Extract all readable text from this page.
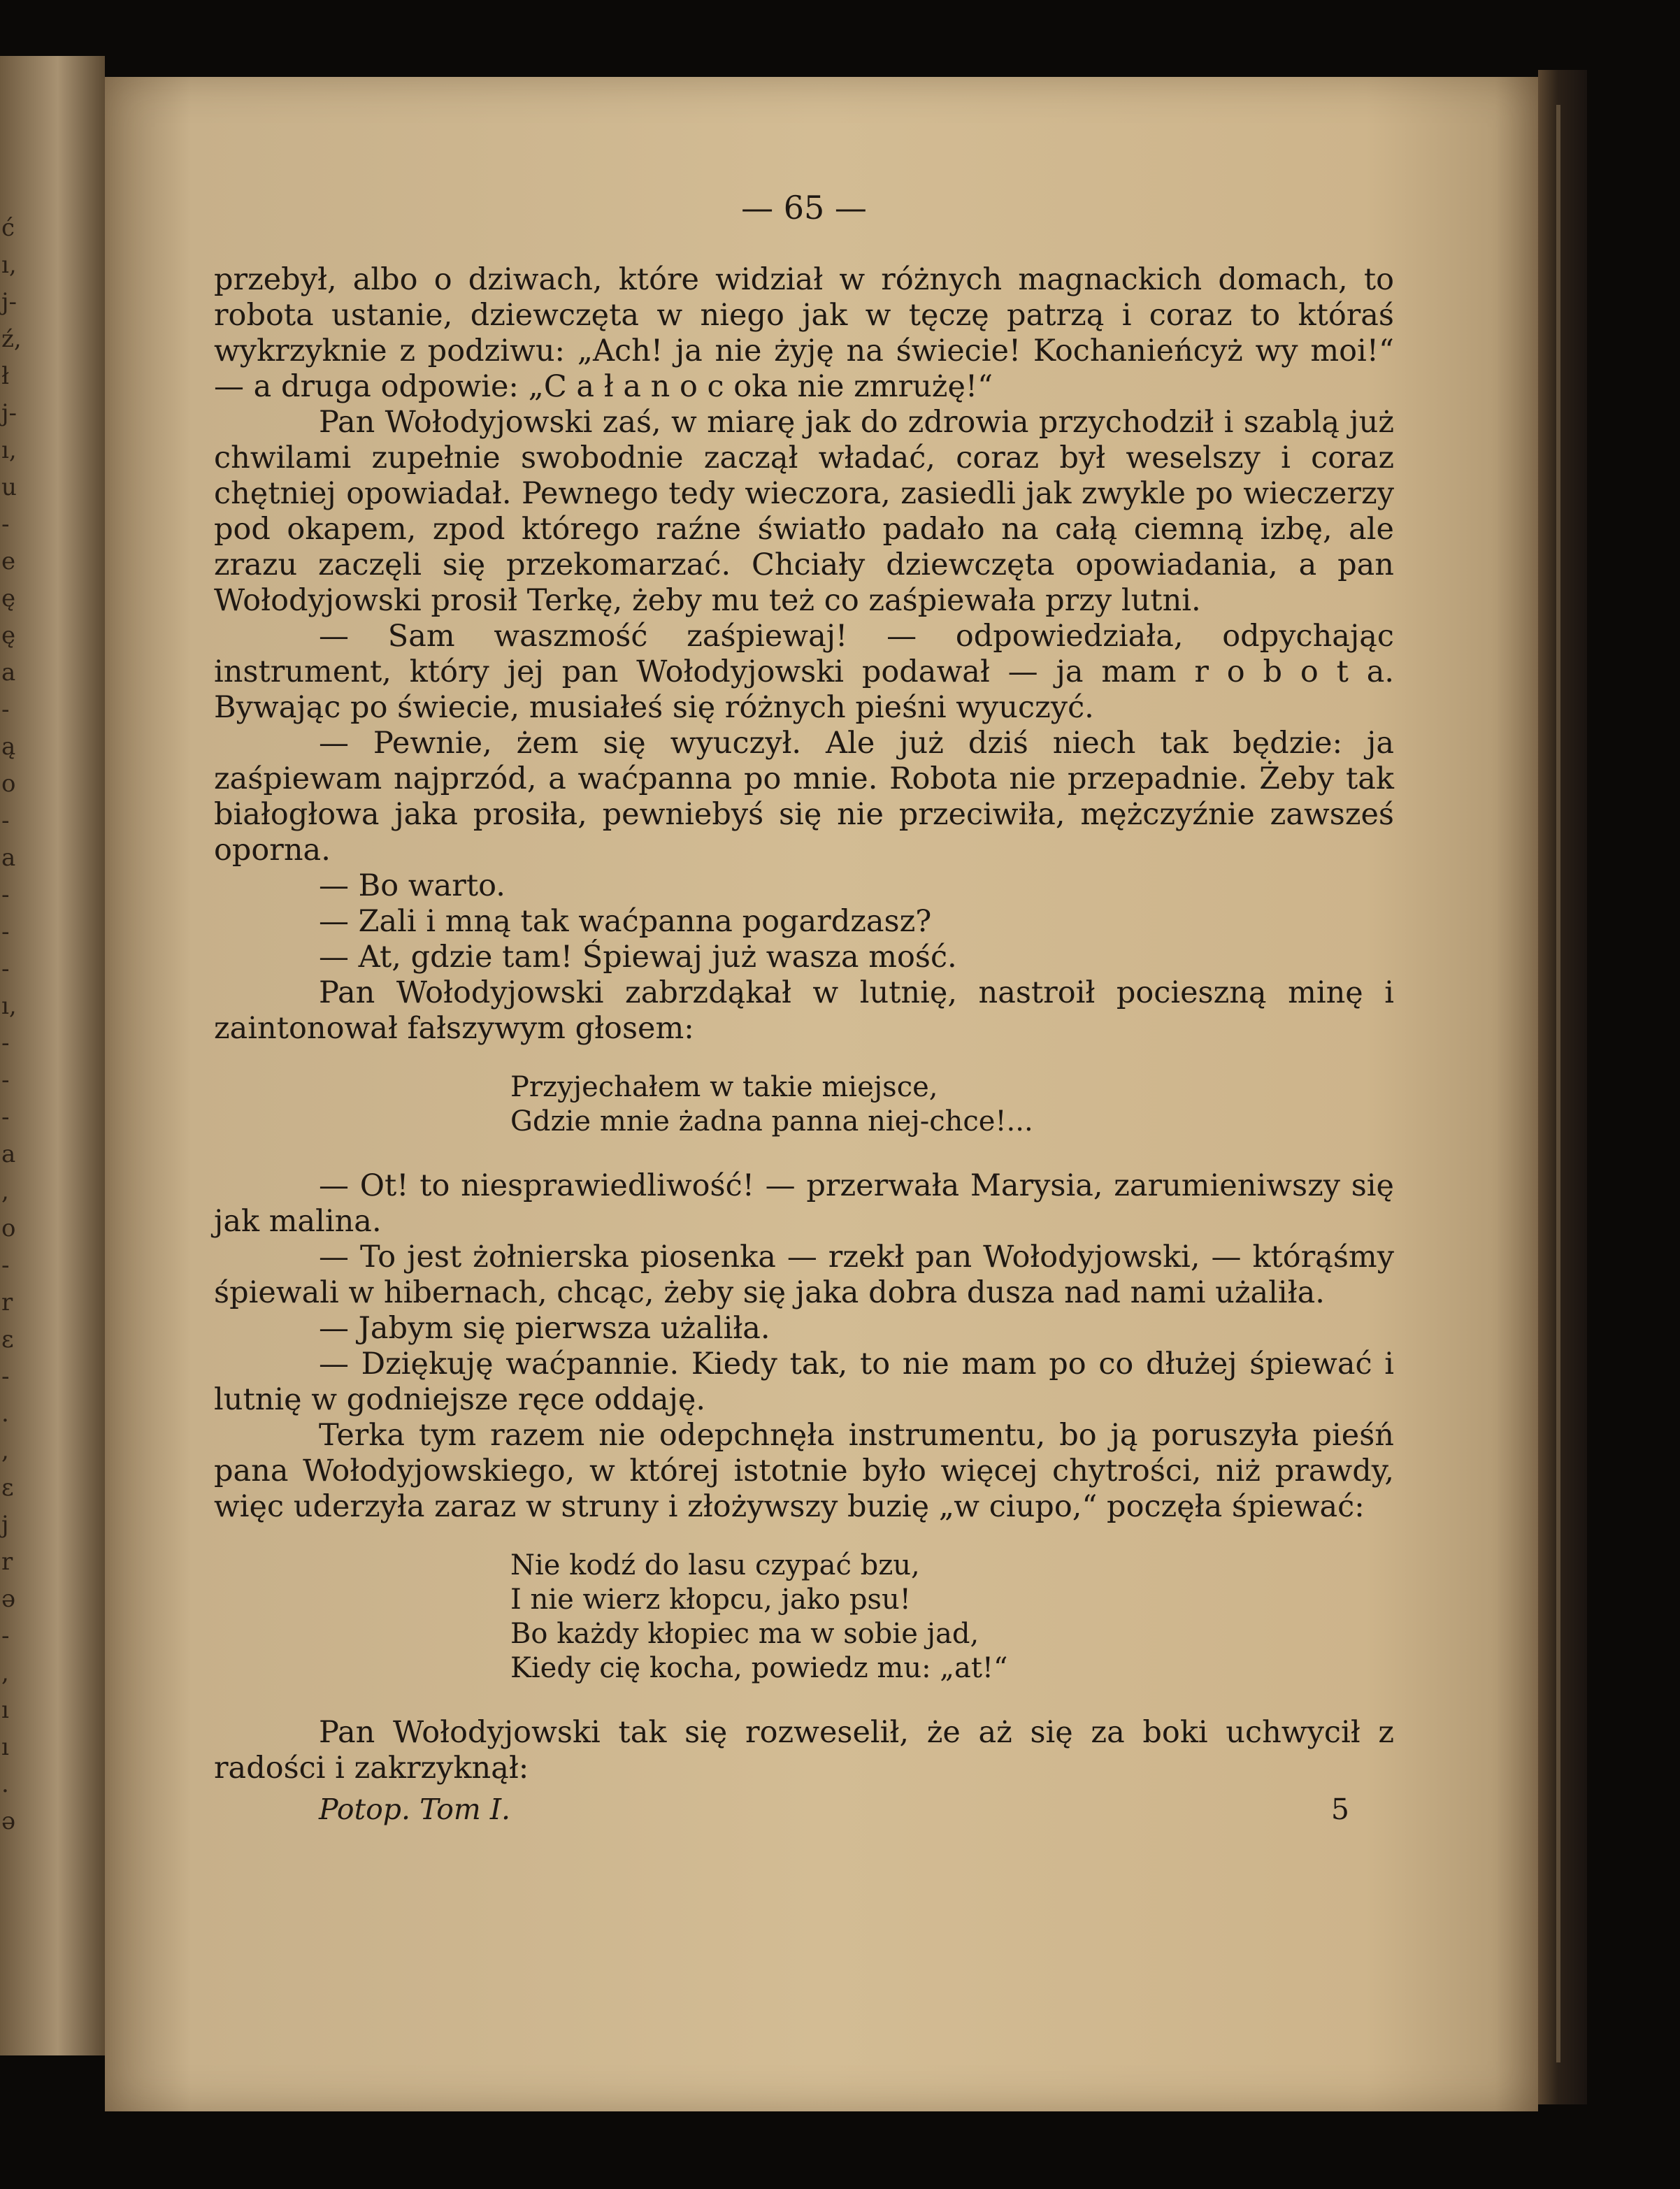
ć
ı,
ј-
ź,
ł
ј-
ı,
u
-
e
ę
ę
a
-
ą
o
-
a
-
-
-
ı,
-
-
-
a
,
o
-
r
ε
-
.
,
ε
j
r
ə
-
,
ı
ı
.
ə
— 65 —

przebył, albo o dziwach, które widział w różnych magnackich domach, to robota ustanie, dziewczęta w niego jak w tęczę patrzą i coraz to któraś wykrzyknie z podziwu: „Ach! ja nie żyję na świecie! Kochanieńcyż wy moi!“ — a druga odpowie: „C a ł a n o c oka nie zmrużę!“

Pan Wołodyjowski zaś, w miarę jak do zdrowia przychodził i szablą już chwilami zupełnie swobodnie zaczął władać, coraz był weselszy i coraz chętniej opowiadał. Pewnego tedy wieczora, zasiedli jak zwykle po wieczerzy pod okapem, zpod którego raźne światło padało na całą ciemną izbę, ale zrazu zaczęli się przekomarzać. Chciały dziewczęta opowiadania, a pan Wołodyjowski prosił Terkę, żeby mu też co zaśpiewała przy lutni.

— Sam waszmość zaśpiewaj! — odpowiedziała, odpychając instrument, który jej pan Wołodyjowski podawał — ja mam r o b o t a. Bywając po świecie, musiałeś się różnych pieśni wyuczyć.

— Pewnie, żem się wyuczył. Ale już dziś niech tak będzie: ja zaśpiewam najprzód, a waćpanna po mnie. Robota nie przepadnie. Żeby tak białogłowa jaka prosiła, pewniebyś się nie przeciwiła, mężczyźnie zawsześ oporna.

— Bo warto.

— Zali i mną tak waćpanna pogardzasz?

— At, gdzie tam! Śpiewaj już wasza mość.

Pan Wołodyjowski zabrzdąkał w lutnię, nastroił pocieszną minę i zaintonował fałszywym głosem:

Przyjechałem w takie miejsce,
Gdzie mnie żadna panna niej-chce!...

— Ot! to niesprawiedliwość! — przerwała Marysia, zarumieniwszy się jak malina.

— To jest żołnierska piosenka — rzekł pan Wołodyjowski, — którąśmy śpiewali w hibernach, chcąc, żeby się jaka dobra dusza nad nami użaliła.

— Jabym się pierwsza użaliła.

— Dziękuję waćpannie. Kiedy tak, to nie mam po co dłużej śpiewać i lutnię w godniejsze ręce oddaję.

Terka tym razem nie odepchnęła instrumentu, bo ją poruszyła pieśń pana Wołodyjowskiego, w której istotnie było więcej chytrości, niż prawdy, więc uderzyła zaraz w struny i złożywszy buzię „w ciupo,“ poczęła śpiewać:

Nie kodź do lasu czypać bzu,
I nie wierz kłopcu, jako psu!
Bo każdy kłopiec ma w sobie jad,
Kiedy cię kocha, powiedz mu: „at!“

Pan Wołodyjowski tak się rozweselił, że aż się za boki uchwycił z radości i zakrzyknął:

Potop. Tom I.	5
